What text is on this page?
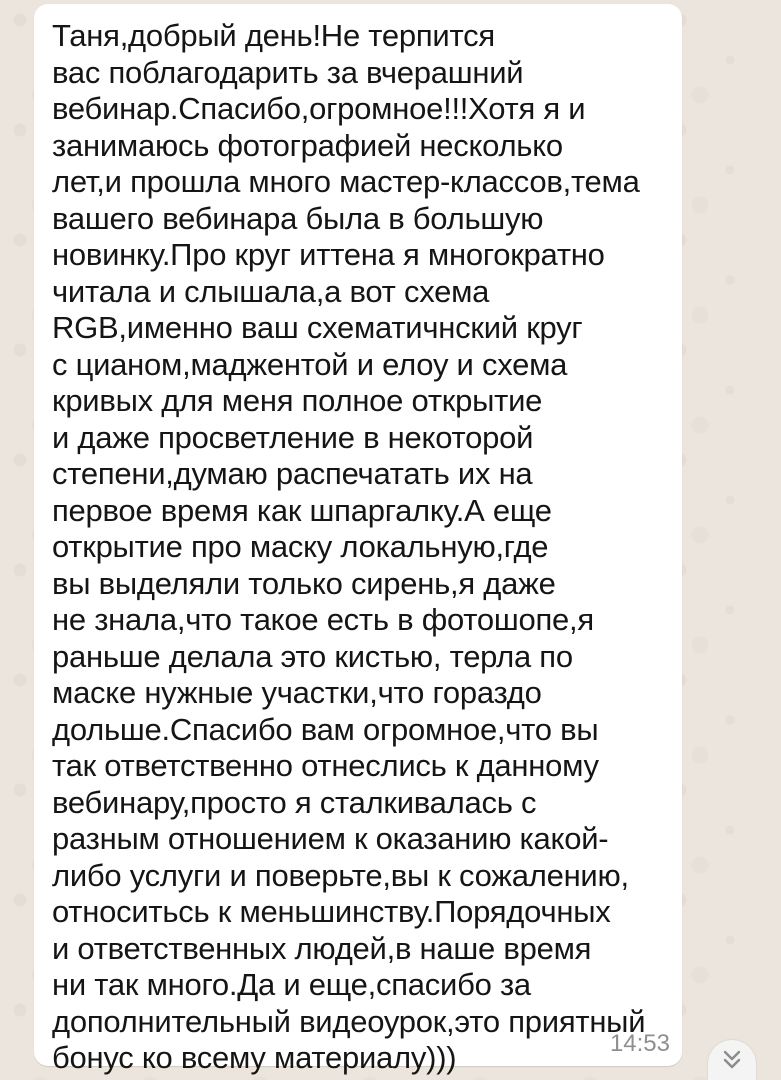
Таня,добрый день!Не терпится
вас поблагодарить за вчерашний
вебинар.Спасибо,огромное!!!Хотя я и
занимаюсь фотографией несколько
лет,и прошла много мастер-классов,тема
вашего вебинара была в большую
новинку.Про круг иттена я многократно
читала и слышала,а вот схема
RGB,именно ваш схематичнский круг
с цианом,маджентой и елоу и схема
кривых для меня полное открытие
и даже просветление в некоторой
степени,думаю распечатать их на
первое время как шпаргалку.А еще
открытие про маску локальную,где
вы выделяли только сирень,я даже
не знала,что такое есть в фотошопе,я
раньше делала это кистью, терла по
маске нужные участки,что гораздо
дольше.Спасибо вам огромное,что вы
так ответственно отнеслись к данному
вебинару,просто я сталкивалась с
разным отношением к оказанию какой-
либо услуги и поверьте,вы к сожалению,
относитьсь к меньшинству.Порядочных
и ответственных людей,в наше время
ни так много.Да и еще,спасибо за
дополнительный видеоурок,это приятный
бонус ко всему материалу)))	14:53
